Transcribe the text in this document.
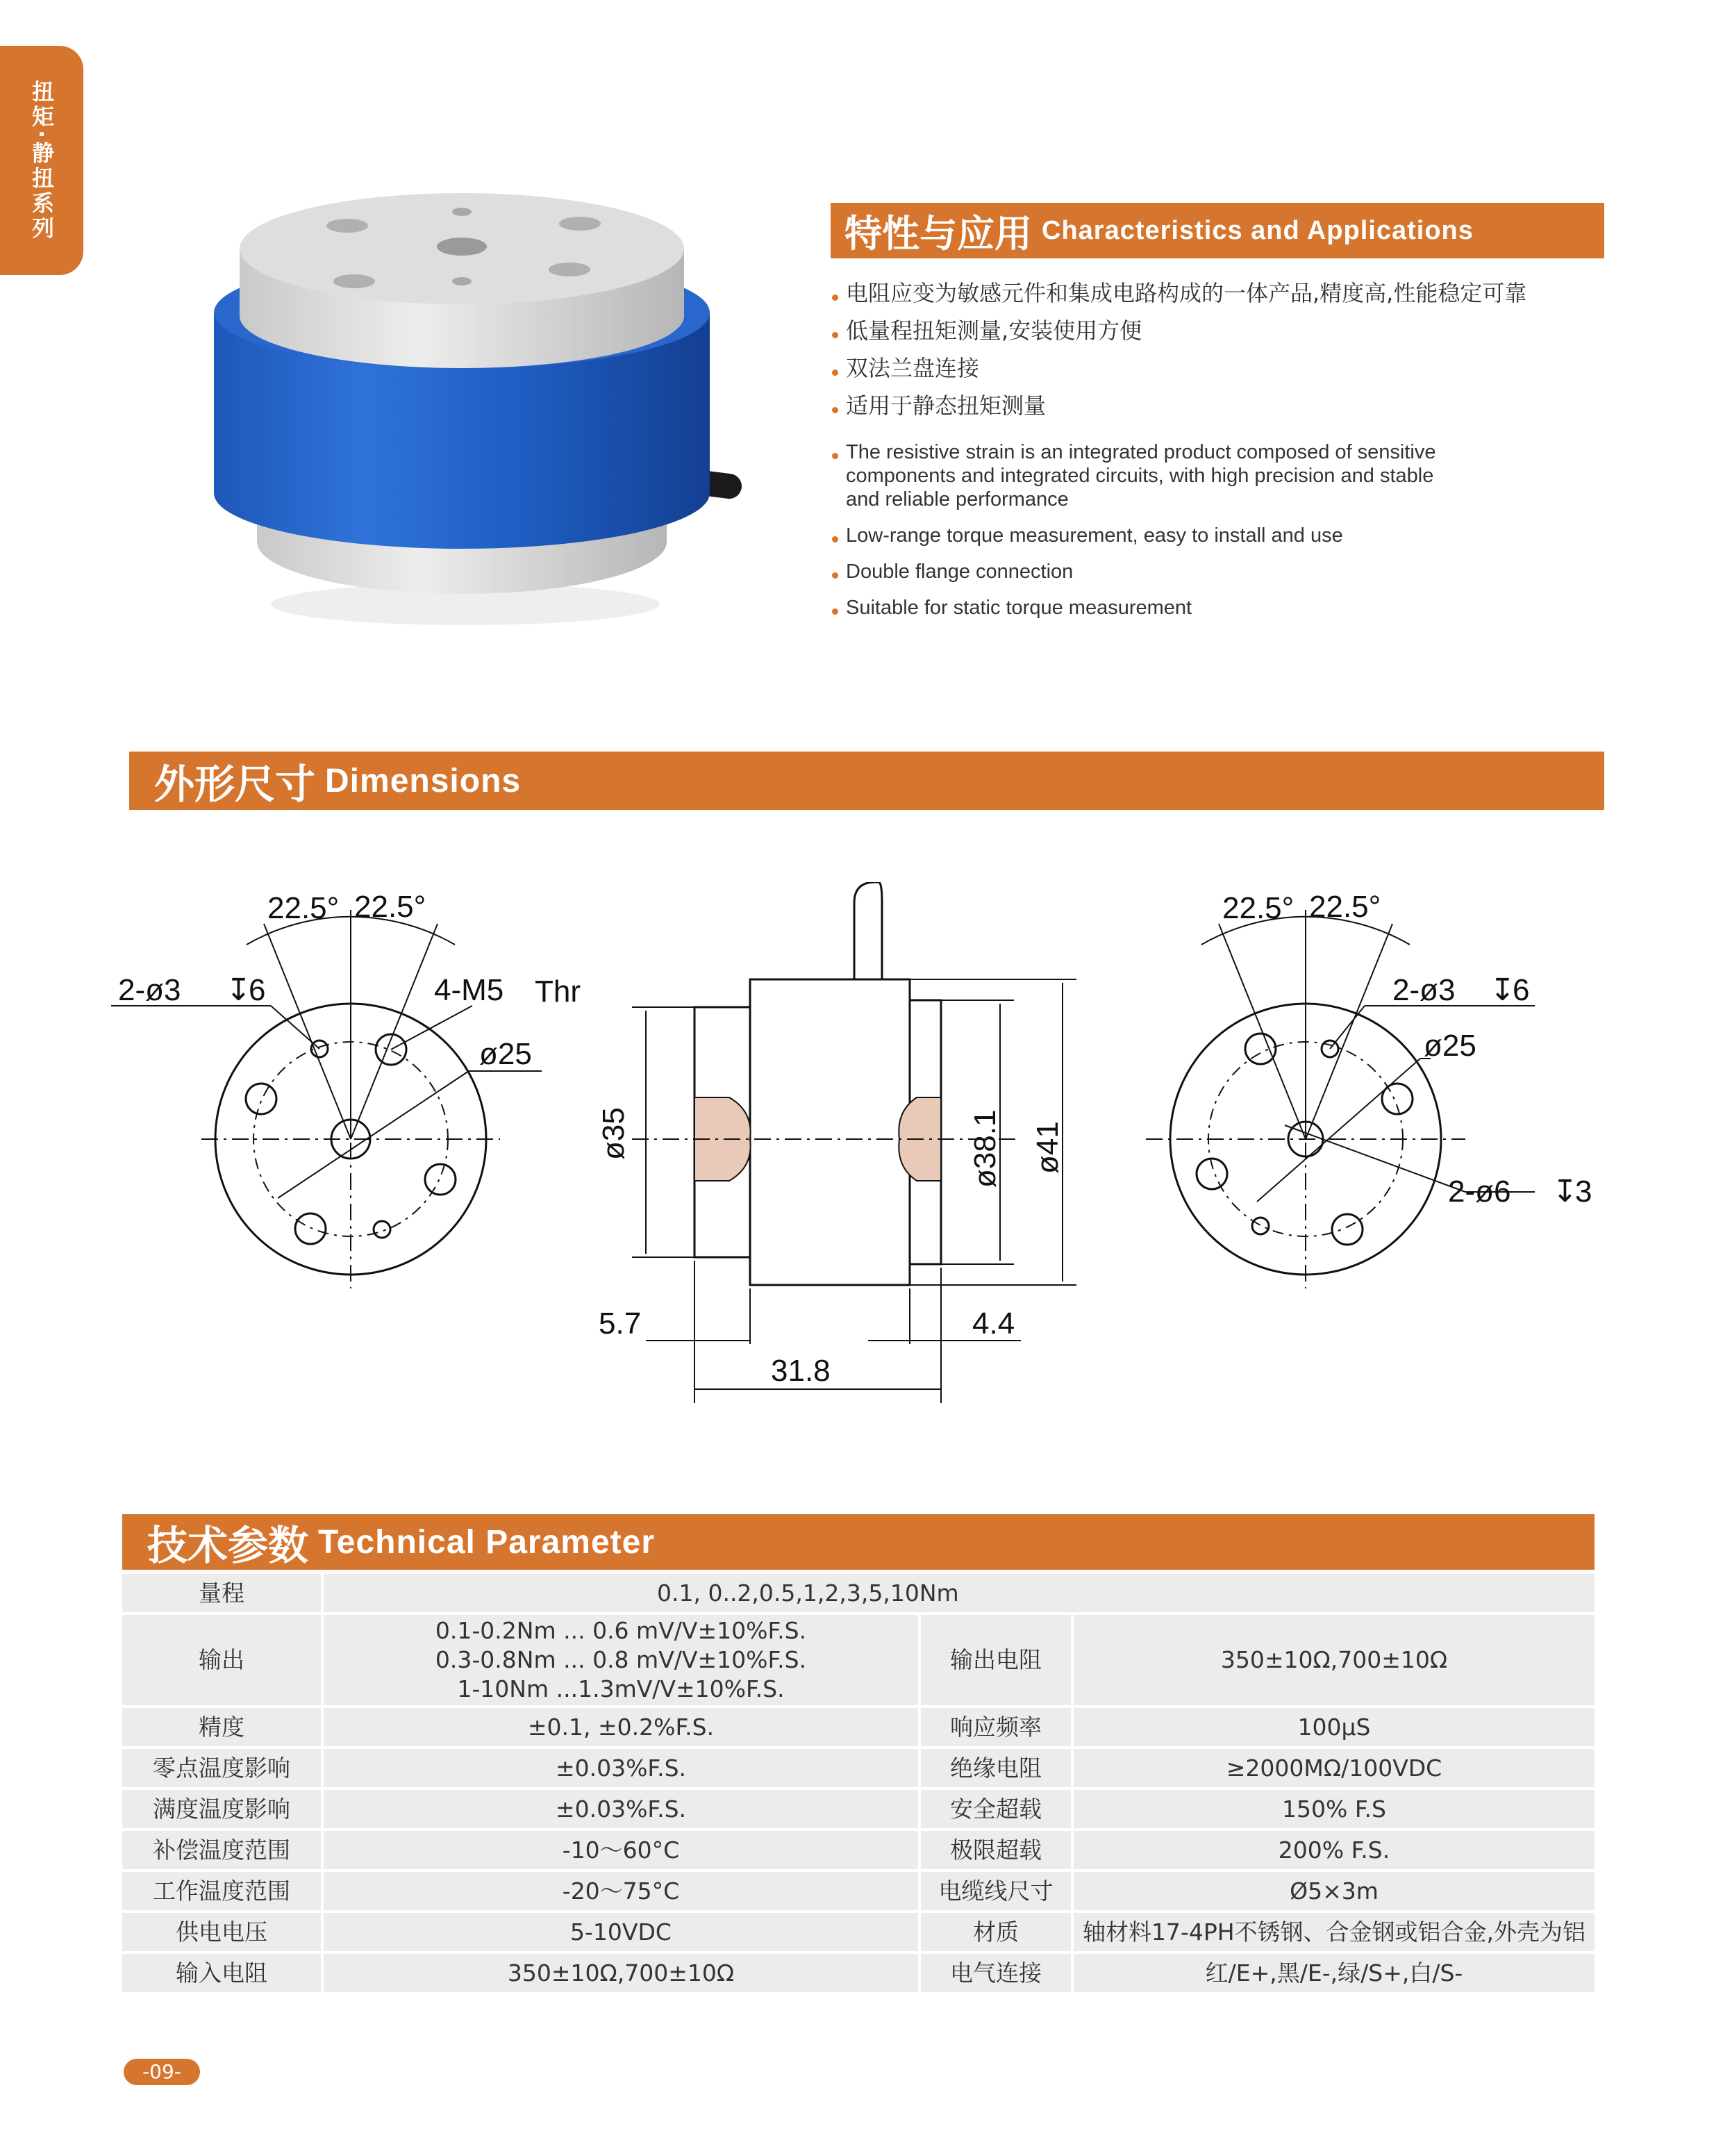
扭矩·静扭系列	特性与应用 Characteristics and Applications
电阻应变为敏感元件和集成电路构成的一体产品,精度高,性能稳定可靠
低量程扭矩测量,安装使用方便
双法兰盘连接
适用于静态扭矩测量
The resistive strain is an integrated product composed of sensitive
components and integrated circuits, with high precision and stable
and reliable performance
Low-range torque measurement, easy to install and use
Double flange connection
Suitable for static torque measurement
外形尺寸 Dimensions
22.5° 22.5°
2-ø3 ↧
6	4-M5 Thr
ø25
ø35	ø38.1 ø41
5.7	4.4
31.8
22.5° 22.5°
2-ø3 ↧
6
ø25
2-ø6 ↧
3
技术参数 Technical Parameter
量程	0.1, 0..2,0.5,1,2,3,5,10Nm		
输出	0.1-0.2Nm ... 0.6 mV/V±10%F.S.
0.3-0.8Nm ... 0.8 mV/V±10%F.S.
1-10Nm ...1.3mV/V±10%F.S.	输出电阻	350±10Ω,700±10Ω
精度	±0.1, ±0.2%F.S.	响应频率	100μS
零点温度影响	±0.03%F.S.	绝缘电阻	≥2000MΩ/100VDC
满度温度影响	±0.03%F.S.	安全超载	150% F.S
补偿温度范围	-10～60°C	极限超载	200% F.S.
工作温度范围	-20～75°C	电缆线尺寸	Ø5×3m
供电电压	5-10VDC	材质	轴材料17-4PH不锈钢、合金钢或铝合金,外壳为铝
输入电阻	350±10Ω,700±10Ω	电气连接	红/E+,黑/E-,绿/S+,白/S-
-09-
